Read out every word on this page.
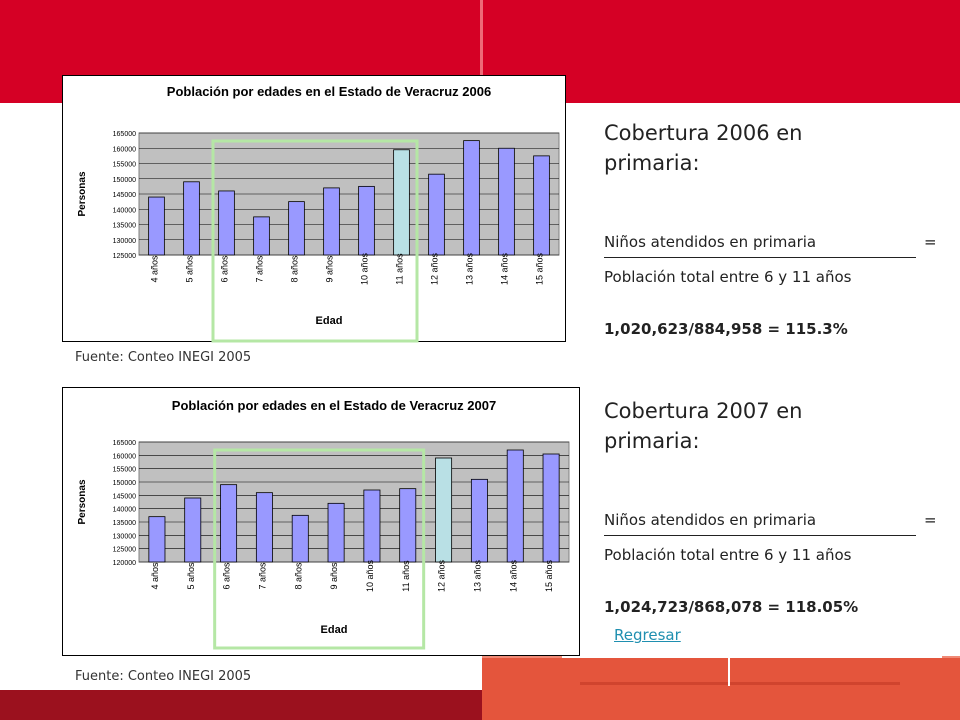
Población por edades en el Estado de Veracruz 2006
125000
130000
135000
140000
145000
150000
155000
160000
165000
4 años	5 años	6 años	7 años	8 años	9 años	10 años	11 años	12 años	13 años	14 años	15 años
Edad
Personas
Fuente: Conteo INEGI 2005
Población por edades en el Estado de Veracruz 2007
120000
125000
130000
135000
140000
145000
150000
155000
160000
165000
4 años	5 años	6 años	7 años	8 años	9 años	10 años	11 años	12 años	13 años	14 años	15 años
Edad
Personas
Fuente: Conteo INEGI 2005
Cobertura 2006 en primaria:
Niños atendidos en primaria	=
Población total entre 6 y 11 años
1,020,623/884,958 = 115.3%
Cobertura 2007 en primaria:
Niños atendidos en primaria	=
Población total entre 6 y 11 años
1,024,723/868,078 = 118.05%
Regresar
